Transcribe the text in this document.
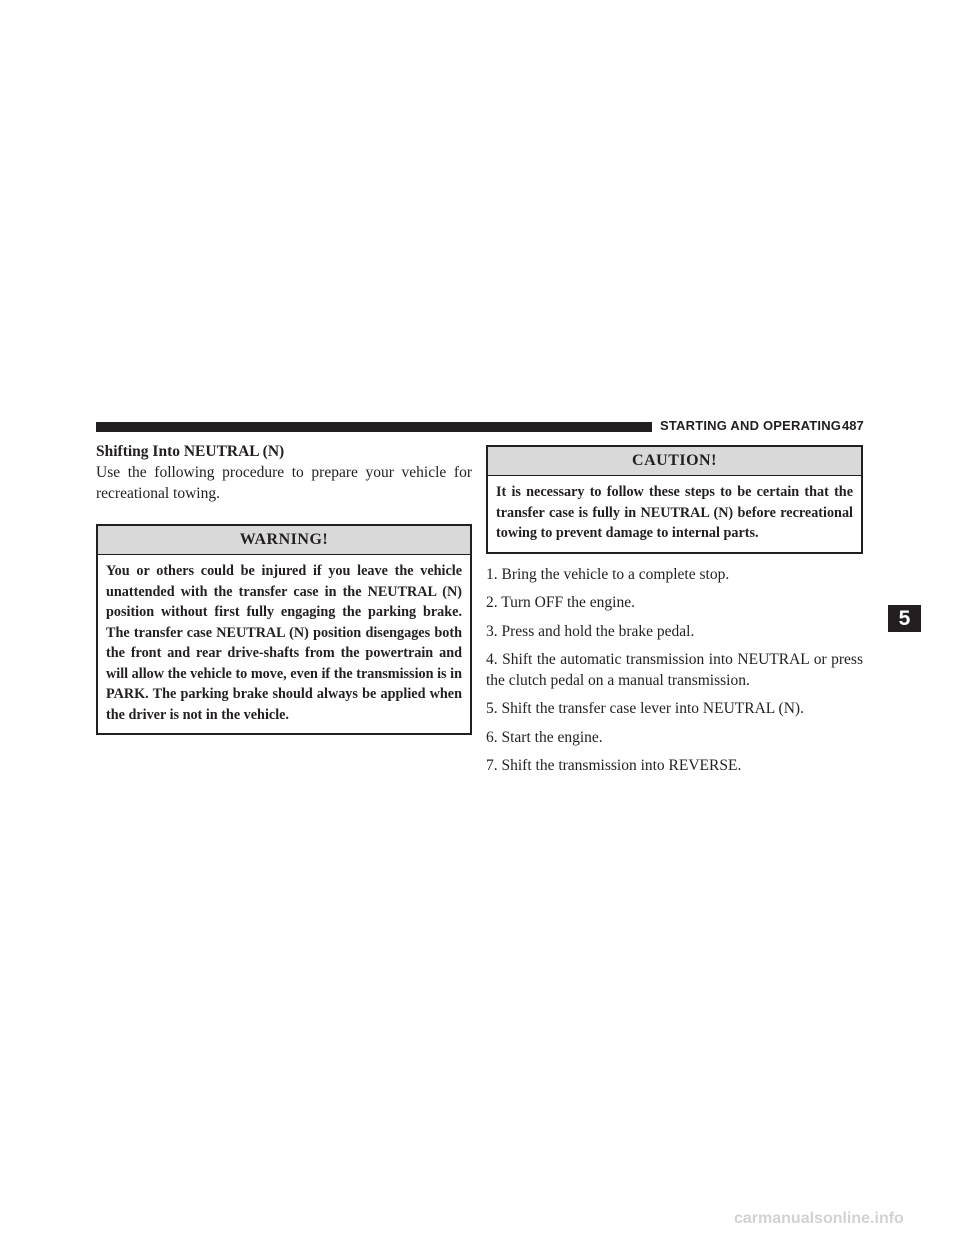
STARTING AND OPERATING 487
Shifting Into NEUTRAL (N)
Use the following procedure to prepare your vehicle for recreational towing.
WARNING!
You or others could be injured if you leave the vehicle unattended with the transfer case in the NEUTRAL (N) position without first fully engaging the parking brake. The transfer case NEUTRAL (N) position disengages both the front and rear drive-shafts from the powertrain and will allow the vehicle to move, even if the transmission is in PARK. The parking brake should always be applied when the driver is not in the vehicle.
CAUTION!
It is necessary to follow these steps to be certain that the transfer case is fully in NEUTRAL (N) before recreational towing to prevent damage to internal parts.
1. Bring the vehicle to a complete stop.
2. Turn OFF the engine.
3. Press and hold the brake pedal.
4. Shift the automatic transmission into NEUTRAL or press the clutch pedal on a manual transmission.
5. Shift the transfer case lever into NEUTRAL (N).
6. Start the engine.
7. Shift the transmission into REVERSE.
5
carmanualsonline.info
